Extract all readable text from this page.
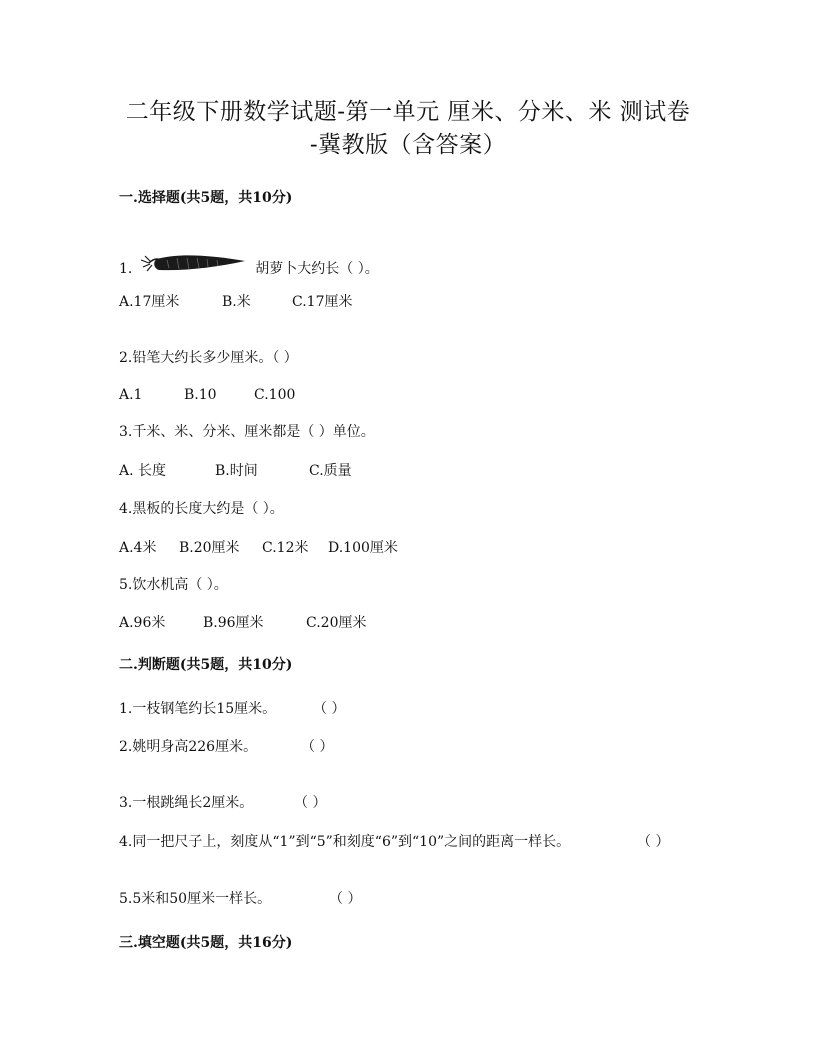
二年级下册数学试题-第一单元 厘米、分米、米 测试卷
-冀教版（含答案）
一.选择题(共5题，共10分)
1.	胡萝卜大约长（ ）。
A.17厘米	B.米	C.17厘米
2.铅笔大约长多少厘米。（ ）
A.1	B.10	C.100
3.千米、米、分米、厘米都是（ ）单位。
A. 长度	B.时间	C.质量
4.黑板的长度大约是（ ）。
A.4米 B.20厘米 C.12米 D.100厘米
5.饮水机高（ ）。
A.96米	B.96厘米	C.20厘米
二.判断题(共5题，共10分)
1.一枝钢笔约长15厘米。	（ ）
2.姚明身高226厘米。	（ ）
3.一根跳绳长2厘米。	（ ）
4.同一把尺子上，刻度从“1”到“5”和刻度“6”到“10”之间的距离一样长。	（ ）
5.5米和50厘米一样长。	（ ）
三.填空题(共5题，共16分)
